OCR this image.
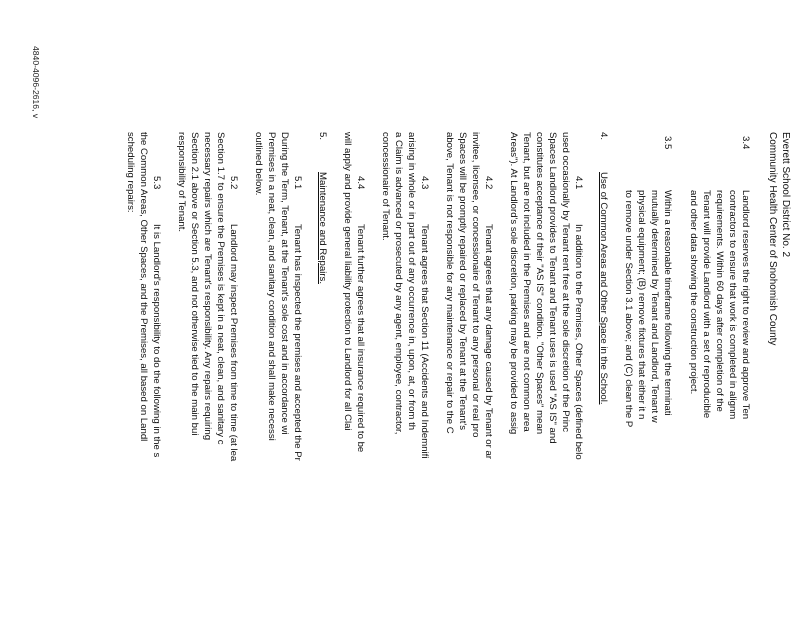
Everett School District No. 2
Community Health Center of Snohomish County
3.4
Landlord reserves the right to review and approve Ten
contractors to ensure that work is completed in alignm
requirements. Within 60 days after completion of the
Tenant will provide Landlord with a set of reproducible
and other data showing the construction project.
3.5
Within a reasonable timeframe following the terminati
mutually determined by Tenant and Landlord, Tenant w
physical equipment; (B) remove fixtures that either it n
to remove under Section 3.1 above; and (C) clean the P
4.
Use of Common Areas and Other Space in the School.
4.1
In addition to the Premises, Other Spaces (defined belo
used occasionally by Tenant rent free at the sole discretion of the Princ
Spaces Landlord provides to Tenant and Tenant uses is used "AS IS" and
constitutes acceptance of their "AS IS" condition. "Other Spaces" mean
Tenant, but are not included in the Premises and are not common area
Areas"). At Landlord's sole discretion, parking may be provided to assig
4.2
Tenant agrees that any damage caused by Tenant or ar
invitee, licensee, or concessionaire of Tenant to any personal or real pro
Spaces will be promptly repaired or replaced by Tenant at the Tenant's
above, Tenant is not responsible for any maintenance or repair to the C
4.3
Tenant agrees that Section 11 (Accidents and Indemnifi
arising in whole or in part out of any occurrence in, upon, at, or from th
a Claim is advanced or prosecuted by any agent, employee, contractor,
concessionaire of Tenant.
4.4
Tenant further agrees that all insurance required to be
will apply and provide general liability protection to Landlord for all Clai
5.
Maintenance and Repairs.
5.1
Tenant has inspected the premises and accepted the Pr
During the Term, Tenant, at the Tenant's sole cost and in accordance wi
Premises in a neat, clean, and sanitary condition and shall make necessi
outlined below.
5.2
Landlord may inspect Premises from time to time (at lea
Section 1.7 to ensure the Premises is kept in a neat, clean, and sanitary c
necessary repairs which are Tenant's responsibility. Any repairs requiring
Section 2.1 above or Section 5.3, and not otherwise tied to the main bui
responsibility of Tenant.
5.3
It is Landlord's responsibility to do the following in the s
the Common Areas, Other Spaces, and the Premises, all based on Landl
scheduling repairs:
4840-4096-2616, v
